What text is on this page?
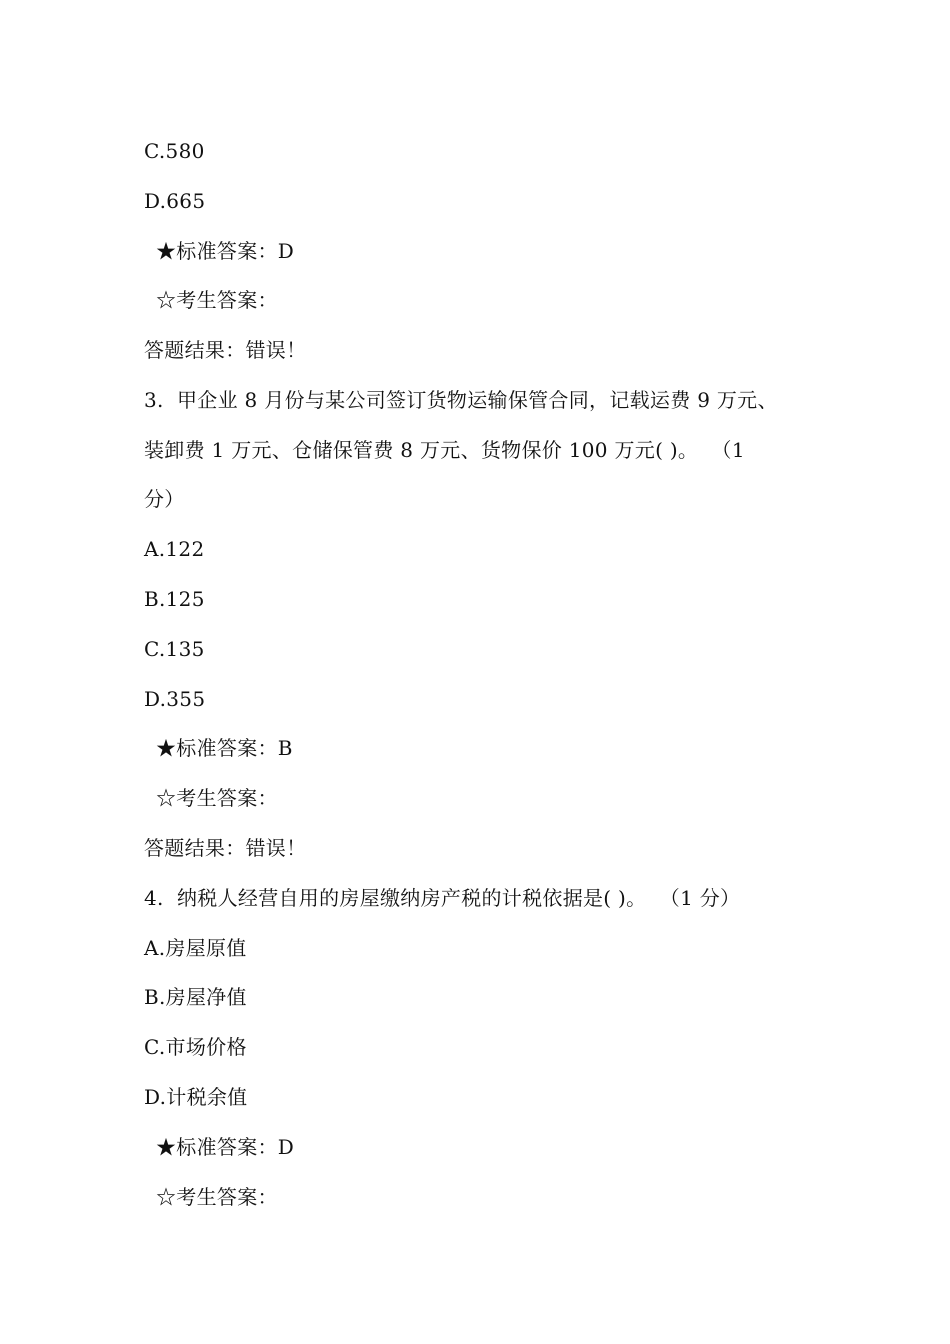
C.580
D.665
★标准答案：D
☆考生答案：
答题结果：错误！
3.  甲企业 8 月份与某公司签订货物运输保管合同，记载运费 9 万元、
装卸费 1 万元、仓储保管费 8 万元、货物保价 100 万元( )。  （1
分）
A.122
B.125
C.135
D.355
★标准答案：B
☆考生答案：
答题结果：错误！
4.  纳税人经营自用的房屋缴纳房产税的计税依据是( )。  （1 分）
A.房屋原值
B.房屋净值
C.市场价格
D.计税余值
★标准答案：D
☆考生答案：
